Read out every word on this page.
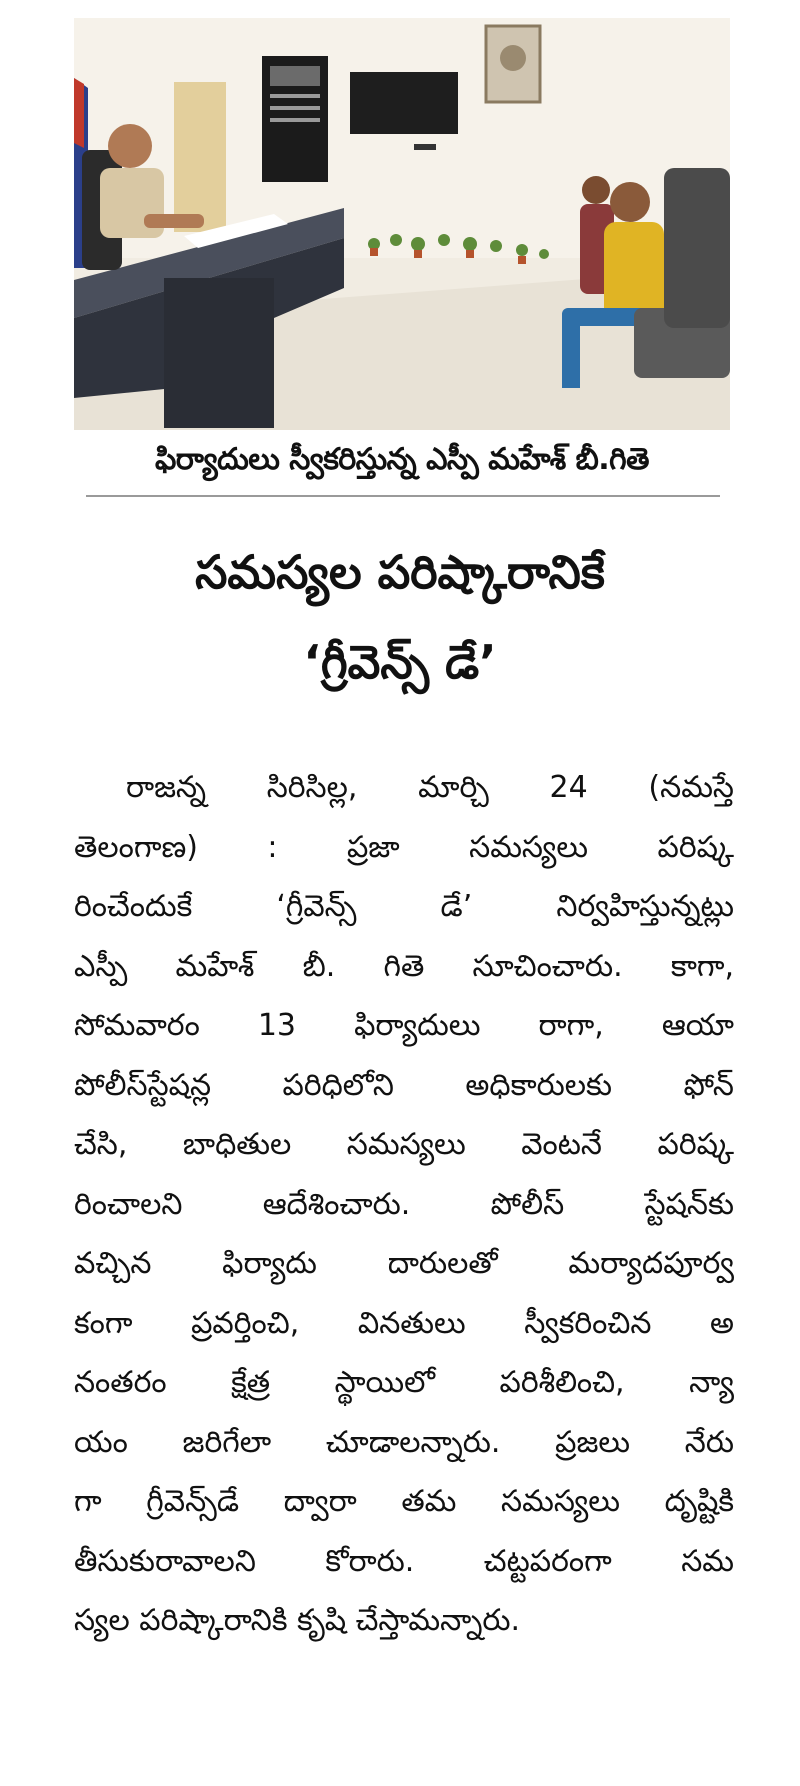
ఫిర్యాదులు స్వీకరిస్తున్న ఎస్పీ మహేశ్ బీ.గితె
సమస్యల పరిష్కారానికే
‘గ్రీవెన్స్ డే’
రాజన్న సిరిసిల్ల, మార్చి 24 (నమస్తే
తెలంగాణ) : ప్రజా సమస్యలు పరిష్క
రించేందుకే ‘గ్రీవెన్స్ డే’ నిర్వహిస్తున్నట్లు
ఎస్పీ మహేశ్ బీ. గితె సూచించారు. కాగా,
సోమవారం 13 ఫిర్యాదులు రాగా, ఆయా
పోలీస్‌స్టేషన్ల పరిధిలోని అధికారులకు ఫోన్
చేసి, బాధితుల సమస్యలు వెంటనే పరిష్క
రించాలని ఆదేశించారు. పోలీస్ స్టేషన్‌కు
వచ్చిన ఫిర్యాదు దారులతో మర్యాదపూర్వ
కంగా ప్రవర్తించి, వినతులు స్వీకరించిన అ
నంతరం క్షేత్ర స్థాయిలో పరిశీలించి, న్యా
యం జరిగేలా చూడాలన్నారు. ప్రజలు నేరు
గా గ్రీవెన్స్‌డే ద్వారా తమ సమస్యలు దృష్టికి
తీసుకురావాలని కోరారు. చట్టపరంగా సమ
స్యల పరిష్కారానికి కృషి చేస్తామన్నారు.
